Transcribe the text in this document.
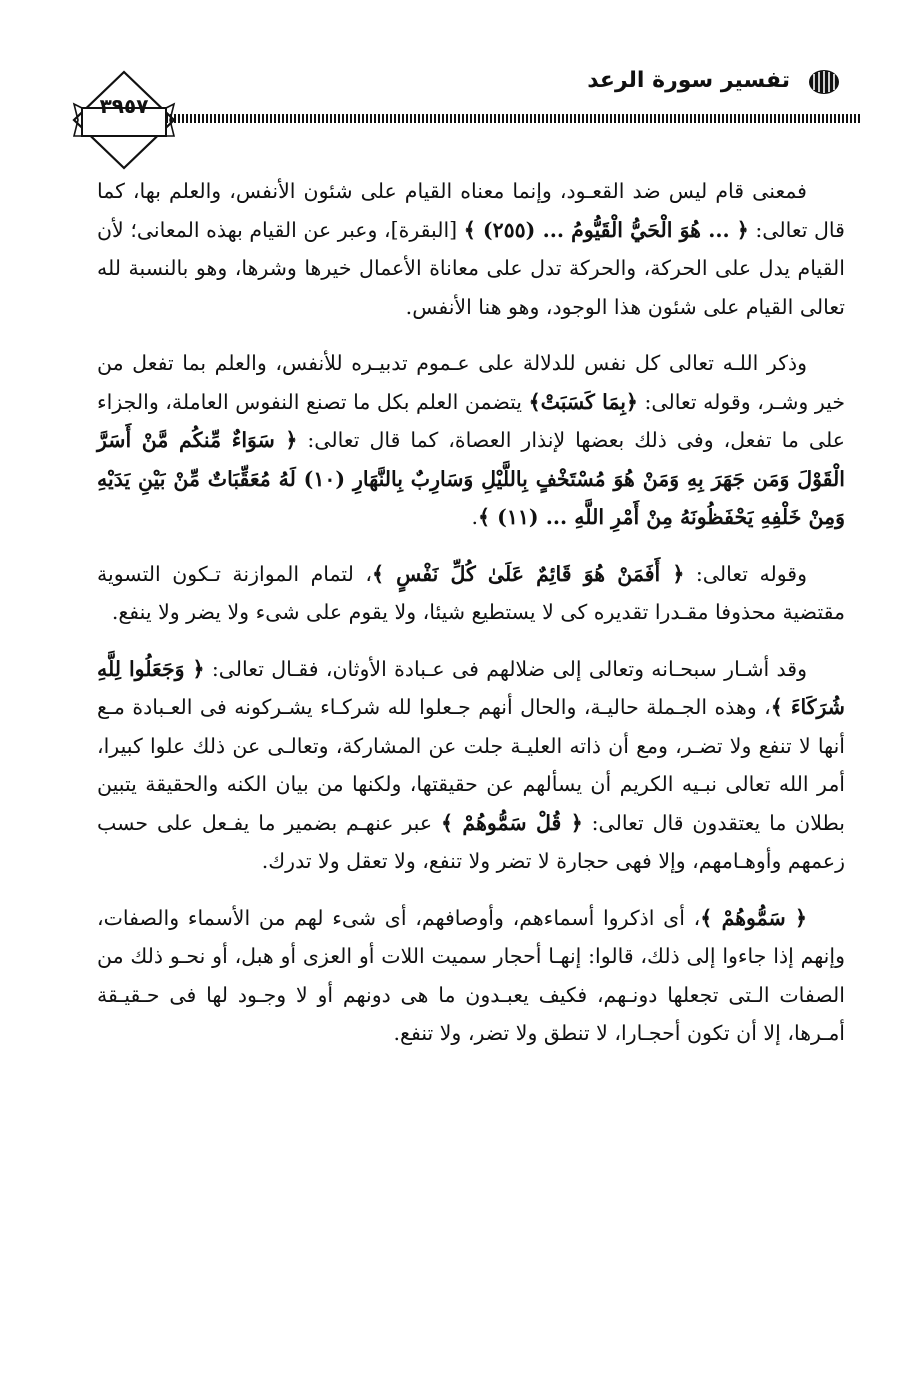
تفسير سورة الرعد
٣٩٥٧

فمعنى قام ليس ضد القعـود، وإنما معناه القيام على شئون الأنفس، والعلم بها، كما قال تعالى: ﴿ ... هُوَ الْحَيُّ الْقَيُّومُ ... (٢٥٥) ﴾ [البقرة]، وعبر عن القيام بهذه المعانى؛ لأن القيام يدل على الحركة، والحركة تدل على معاناة الأعمال خيرها وشرها، وهو بالنسبة لله تعالى القيام على شئون هذا الوجود، وهو هنا الأنفس.

وذكر اللـه تعالى كل نفس للدلالة على عـموم تدبيـره للأنفس، والعلم بما تفعل من خير وشـر، وقوله تعالى: ﴿بِمَا كَسَبَتْ﴾ يتضمن العلم بكل ما تصنع النفوس العاملة، والجزاء على ما تفعل، وفى ذلك بعضها لإنذار العصاة، كما قال تعالى: ﴿ سَوَاءٌ مِّنكُم مَّنْ أَسَرَّ الْقَوْلَ وَمَن جَهَرَ بِهِ وَمَنْ هُوَ مُسْتَخْفٍ بِاللَّيْلِ وَسَارِبٌ بِالنَّهَارِ (١٠) لَهُ مُعَقِّبَاتٌ مِّنْ بَيْنِ يَدَيْهِ وَمِنْ خَلْفِهِ يَحْفَظُونَهُ مِنْ أَمْرِ اللَّهِ ... (١١) ﴾.

وقوله تعالى: ﴿ أَفَمَنْ هُوَ قَائِمٌ عَلَىٰ كُلِّ نَفْسٍ ﴾، لتمام الموازنة تـكون التسوية مقتضية محذوفا مقـدرا تقديره كى لا يستطيع شيئا، ولا يقوم على شىء ولا يضر ولا ينفع.

وقد أشـار سبحـانه وتعالى إلى ضلالهم فى عـبادة الأوثان، فقـال تعالى: ﴿ وَجَعَلُوا لِلَّهِ شُرَكَاءَ ﴾، وهذه الجـملة حاليـة، والحال أنهم جـعلوا لله شركـاء يشـركونه فى العـبادة مـع أنها لا تنفع ولا تضـر، ومع أن ذاته العليـة جلت عن المشاركة، وتعالـى عن ذلك علوا كبيرا، أمر الله تعالى نبـيه الكريم أن يسألهم عن حقيقتها، ولكنها من بيان الكنه والحقيقة يتبين بطلان ما يعتقدون قال تعالى: ﴿ قُلْ سَمُّوهُمْ ﴾ عبر عنهـم بضمير ما يفـعل على حسب زعمهم وأوهـامهم، وإلا فهى حجارة لا تضر ولا تنفع، ولا تعقل ولا تدرك.

﴿ سَمُّوهُمْ ﴾، أى اذكروا أسماءهم، وأوصافهم، أى شىء لهم من الأسماء والصفات، وإنهم إذا جاءوا إلى ذلك، قالوا: إنهـا أحجار سميت اللات أو العزى أو هبل، أو نحـو ذلك من الصفات الـتى تجعلها دونـهم، فكيف يعبـدون ما هى دونهم أو لا وجـود لها فى حـقيـقة أمـرها، إلا أن تكون أحجـارا، لا تنطق ولا تضر، ولا تنفع.
